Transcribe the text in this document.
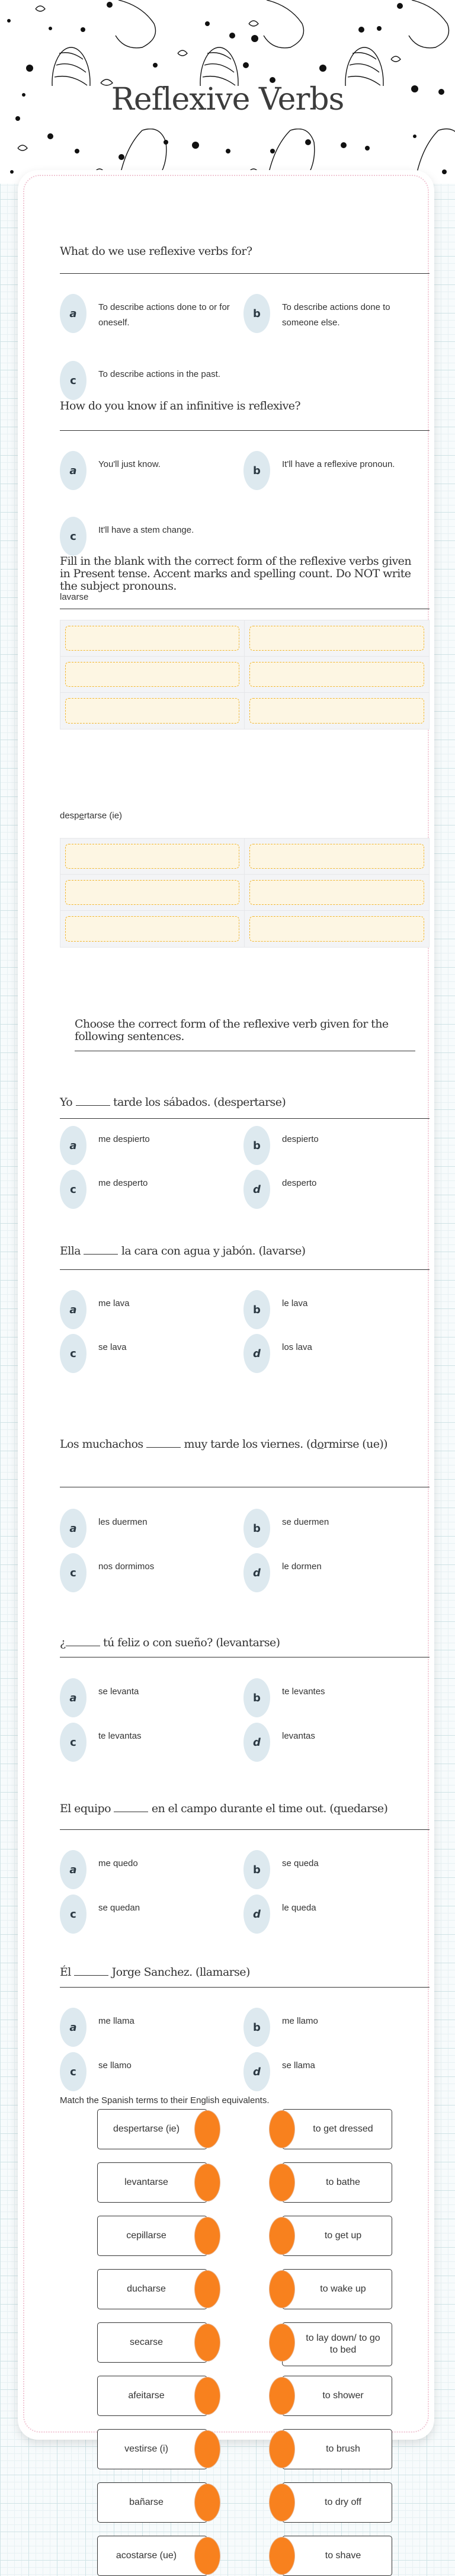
Reflexive Verbs
What do we use reflexive verbs for?
a	To describe actions done to or for oneself.
b	To describe actions done to someone else.
c	To describe actions in the past.
How do you know if an infinitive is reflexive?
a	You'll just know.	b	It'll have a reflexive pronoun.
c	It'll have a stem change.
Fill in the blank with the correct form of the reflexive verbs given in Present tense. Accent marks and spelling count. Do NOT write the subject pronouns.
lavarse
despertarse (ie)
Choose the correct form of the reflexive verb given for the following sentences.
Yo	tarde los sábados. (despertarse)
a	me despierto	b	despierto
c	me desperto	d	desperto
Ella	la cara con agua y jabón. (lavarse)
a	me lava	b	le lava
c	se lava	d	los lava
Los muchachos	muy tarde los viernes. (dormirse (ue))
a	les duermen	b	se duermen
c	nos dormimos	d	le dormen
¿	tú feliz o con sueño? (levantarse)
a	se levanta	b	te levantes
c	te levantas	d	levantas
El equipo	en el campo durante el time out. (quedarse)
a	me quedo	b	se queda
c	se quedan	d	le queda
Él	Jorge Sanchez. (llamarse)
a	me llama	b	me llamo
c	se llamo	d	se llama
Match the Spanish terms to their English equivalents.
despertarse (ie)	to get dressed
levantarse	to bathe
cepillarse	to get up
ducharse	to wake up
secarse	to lay down/ to go to bed
afeitarse	to shower
vestirse (i)	to brush
bañarse	to dry off
acostarse (ue)	to shave
